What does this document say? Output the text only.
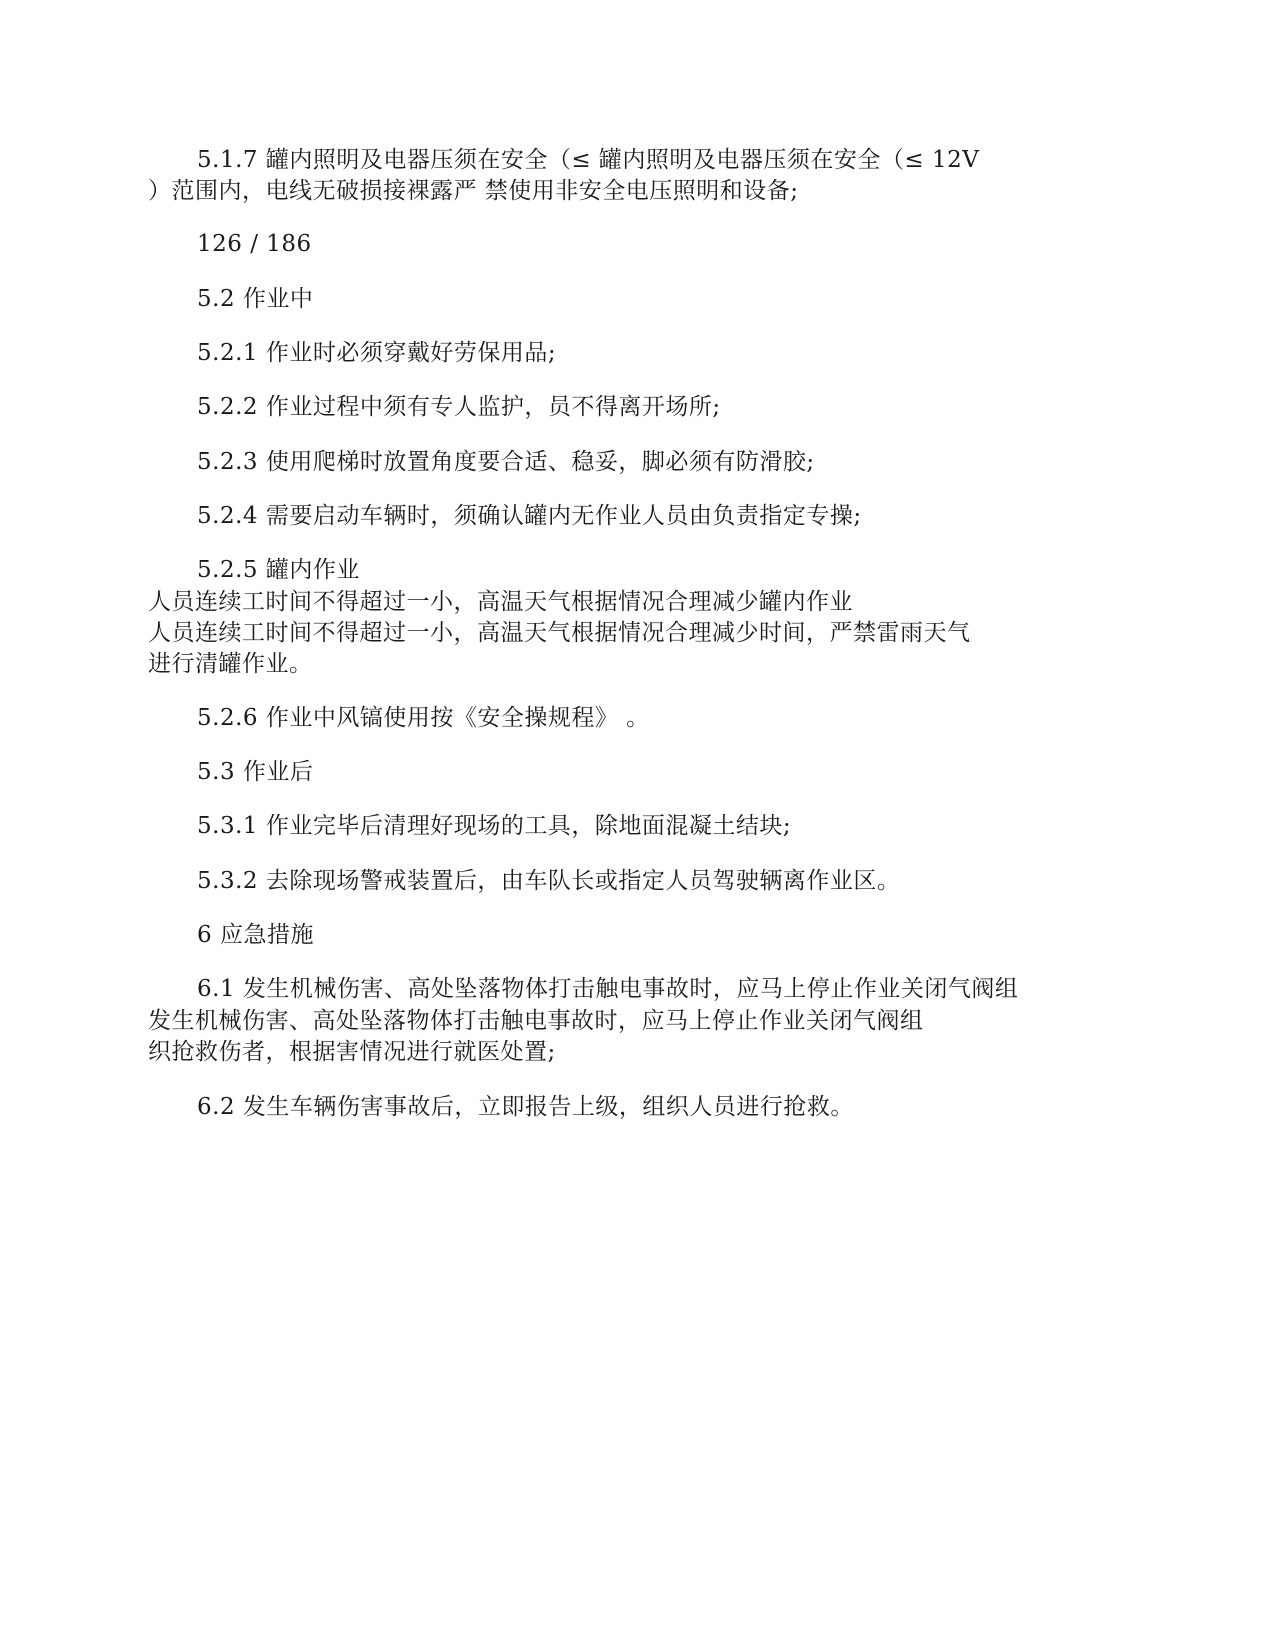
5.1.7 罐内照明及电器压须在安全（≤ 罐内照明及电器压须在安全（≤ 12V
）范围内，电线无破损接裸露严 禁使用非安全电压照明和设备;
126 / 186
5.2 作业中
5.2.1 作业时必须穿戴好劳保用品;
5.2.2 作业过程中须有专人监护，员不得离开场所;
5.2.3 使用爬梯时放置角度要合适、稳妥，脚必须有防滑胶;
5.2.4 需要启动车辆时，须确认罐内无作业人员由负责指定专操;
5.2.5 罐内作业
人员连续工时间不得超过一小，高温天气根据情况合理减少罐内作业
人员连续工时间不得超过一小，高温天气根据情况合理减少时间，严禁雷雨天气
进行清罐作业。
5.2.6 作业中风镐使用按《安全操规程》 。
5.3 作业后
5.3.1 作业完毕后清理好现场的工具，除地面混凝土结块;
5.3.2 去除现场警戒装置后，由车队长或指定人员驾驶辆离作业区。
6 应急措施
6.1 发生机械伤害、高处坠落物体打击触电事故时，应马上停止作业关闭气阀组
发生机械伤害、高处坠落物体打击触电事故时，应马上停止作业关闭气阀组
织抢救伤者，根据害情况进行就医处置;
6.2 发生车辆伤害事故后，立即报告上级，组织人员进行抢救。
